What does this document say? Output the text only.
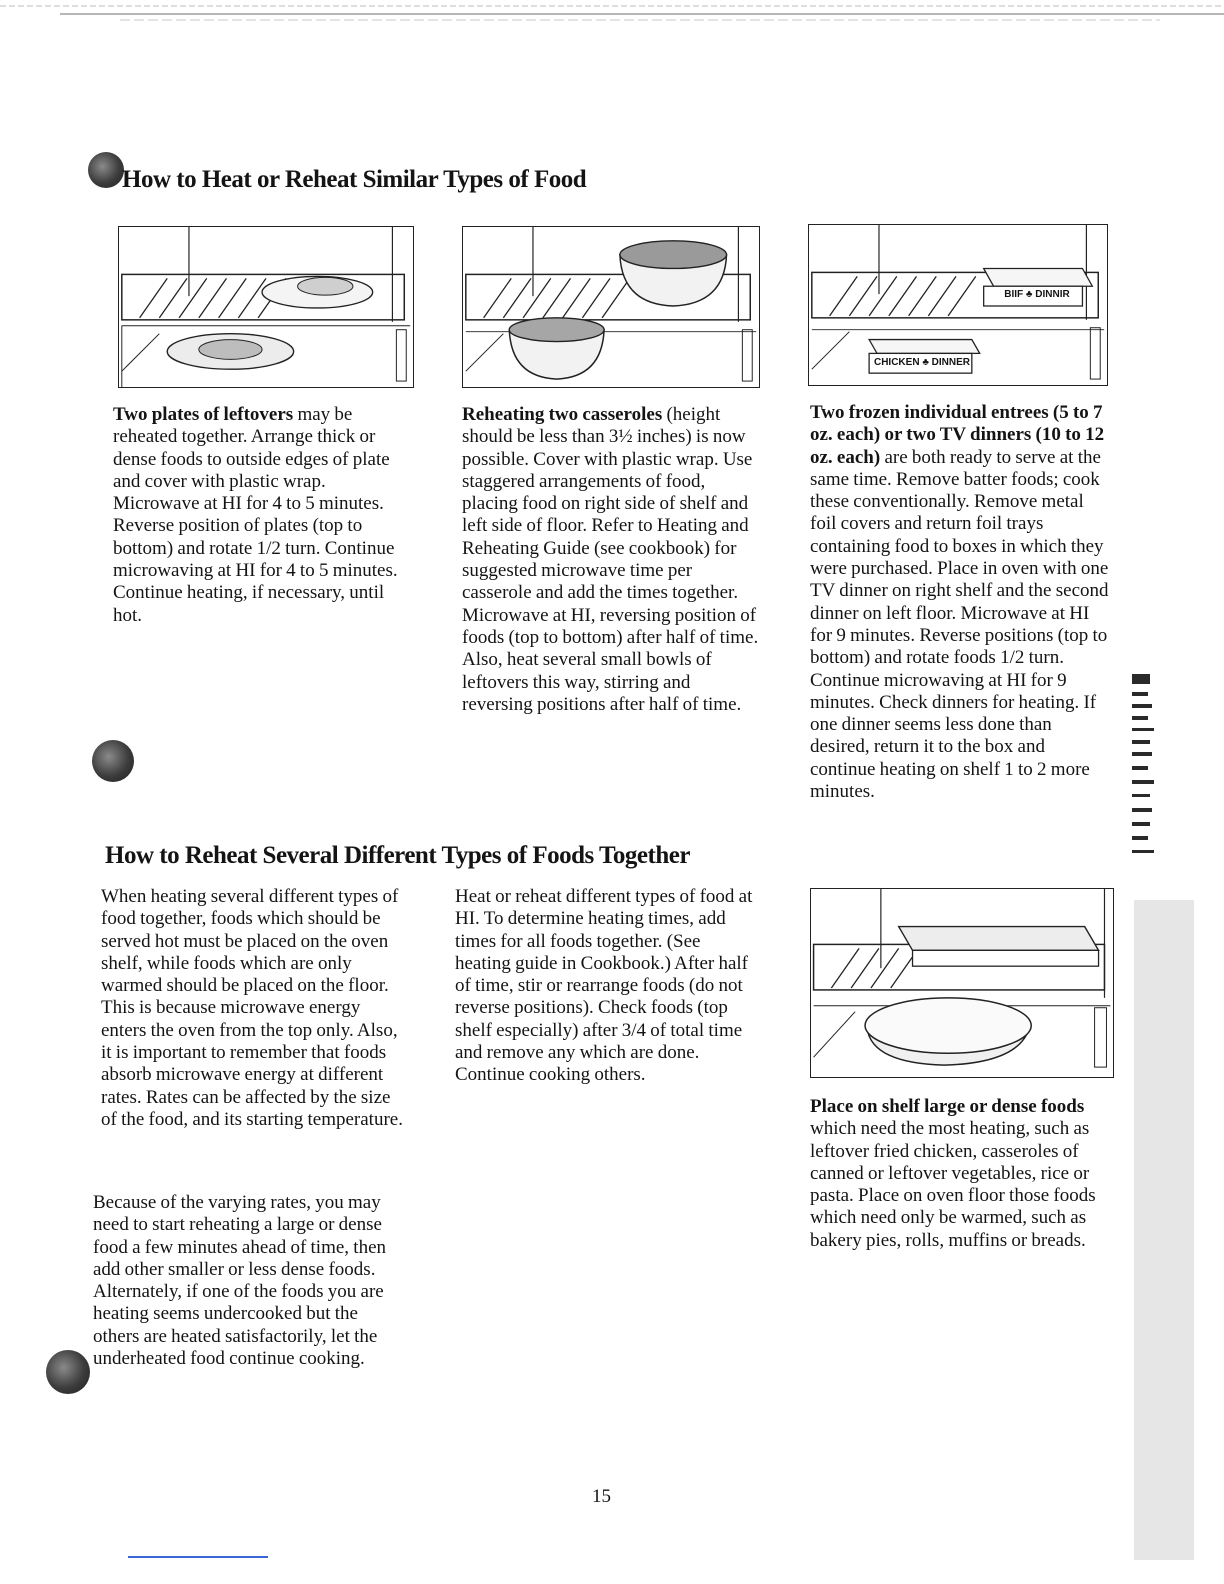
How to Heat or Reheat Similar Types of Food
BIIF ♣ DINNIR
CHICKEN ♣ DINNER

Two plates of leftovers may be reheated together. Arrange thick or dense foods to outside edges of plate and cover with plastic wrap. Microwave at HI for 4 to 5 minutes. Reverse position of plates (top to bottom) and rotate 1/2 turn. Continue microwaving at HI for 4 to 5 minutes. Continue heating, if necessary, until hot.

Reheating two casseroles (height should be less than 3½ inches) is now possible. Cover with plastic wrap. Use staggered arrangements of food, placing food on right side of shelf and left side of floor. Refer to Heating and Reheating Guide (see cookbook) for suggested microwave time per casserole and add the times together. Microwave at HI, reversing position of foods (top to bottom) after half of time. Also, heat several small bowls of leftovers this way, stirring and reversing positions after half of time.

Two frozen individual entrees (5 to 7 oz. each) or two TV dinners (10 to 12 oz. each) are both ready to serve at the same time. Remove batter foods; cook these conventionally. Remove metal foil covers and return foil trays containing food to boxes in which they were purchased. Place in oven with one TV dinner on right shelf and the second dinner on left floor. Microwave at HI for 9 minutes. Reverse positions (top to bottom) and rotate foods 1/2 turn. Continue microwaving at HI for 9 minutes. Check dinners for heating. If one dinner seems less done than desired, return it to the box and continue heating on shelf 1 to 2 more minutes.

How to Reheat Several Different Types of Foods Together

When heating several different types of food together, foods which should be served hot must be placed on the oven shelf, while foods which are only warmed should be placed on the floor. This is because microwave energy enters the oven from the top only. Also, it is important to remember that foods absorb microwave energy at different rates. Rates can be affected by the size of the food, and its starting temperature.

Because of the varying rates, you may need to start reheating a large or dense food a few minutes ahead of time, then add other smaller or less dense foods. Alternately, if one of the foods you are heating seems undercooked but the others are heated satisfactorily, let the underheated food continue cooking.

Heat or reheat different types of food at HI. To determine heating times, add times for all foods together. (See heating guide in Cookbook.) After half of time, stir or rearrange foods (do not reverse positions). Check foods (top shelf especially) after 3/4 of total time and remove any which are done. Continue cooking others.

Place on shelf large or dense foods which need the most heating, such as leftover fried chicken, casseroles of canned or leftover vegetables, rice or pasta. Place on oven floor those foods which need only be warmed, such as bakery pies, rolls, muffins or breads.

15
